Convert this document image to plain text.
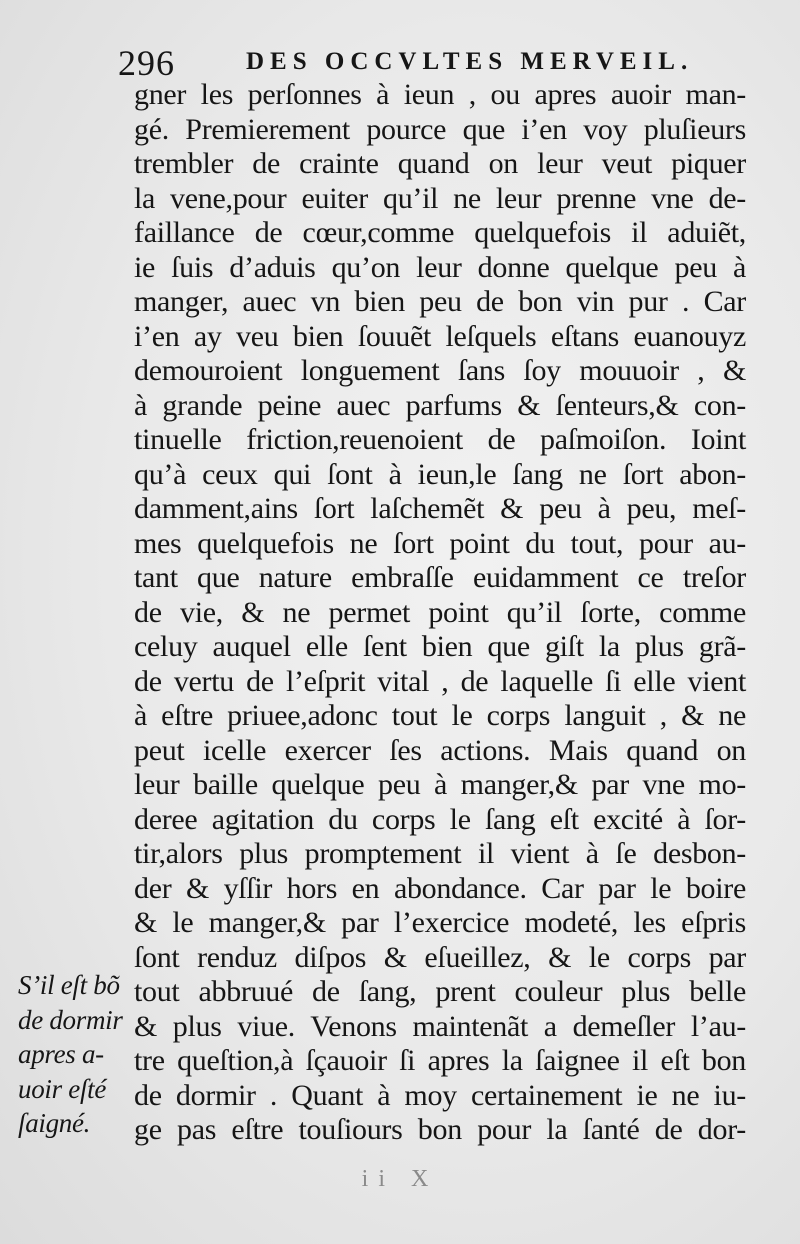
296	DES OCCVLTES MERVEIL.
gner les perſonnes à ieun , ou apres auoir man-
gé. Premierement pource que i’en voy pluſieurs
trembler de crainte quand on leur veut piquer
la vene,pour euiter qu’il ne leur prenne vne de-
faillance de cœur,comme quelquefois il aduiẽt,
ie ſuis d’aduis qu’on leur donne quelque peu à
manger, auec vn bien peu de bon vin pur . Car
i’en ay veu bien ſouuẽt leſquels eſtans euanouyz
demouroient longuement ſans ſoy mouuoir , &
à grande peine auec parfums & ſenteurs,& con-
tinuelle friction,reuenoient de paſmoiſon. Ioint
qu’à ceux qui ſont à ieun,le ſang ne ſort abon-
damment,ains ſort laſchemẽt & peu à peu, meſ-
mes quelquefois ne ſort point du tout, pour au-
tant que nature embraſſe euidamment ce treſor
de vie, & ne permet point qu’il ſorte, comme
celuy auquel elle ſent bien que giſt la plus grã-
de vertu de l’eſprit vital , de laquelle ſi elle vient
à eſtre priuee,adonc tout le corps languit , & ne
peut icelle exercer ſes actions. Mais quand on
leur baille quelque peu à manger,& par vne mo-
deree agitation du corps le ſang eſt excité à ſor-
tir,alors plus promptement il vient à ſe desbon-
der & yſſir hors en abondance. Car par le boire
& le manger,& par l’exercice modeté, les eſpris
ſont renduz diſpos & eſueillez, & le corps par
tout abbruué de ſang, prent couleur plus belle
& plus viue. Venons maintenãt a demeſler l’au-
tre queſtion,à ſçauoir ſi apres la ſaignee il eſt bon
de dormir . Quant à moy certainement ie ne iu-
ge pas eſtre touſiours bon pour la ſanté de dor-
S’il eſt bõ
de dormir
apres a-
uoir eſté
ſaigné.
ii X
